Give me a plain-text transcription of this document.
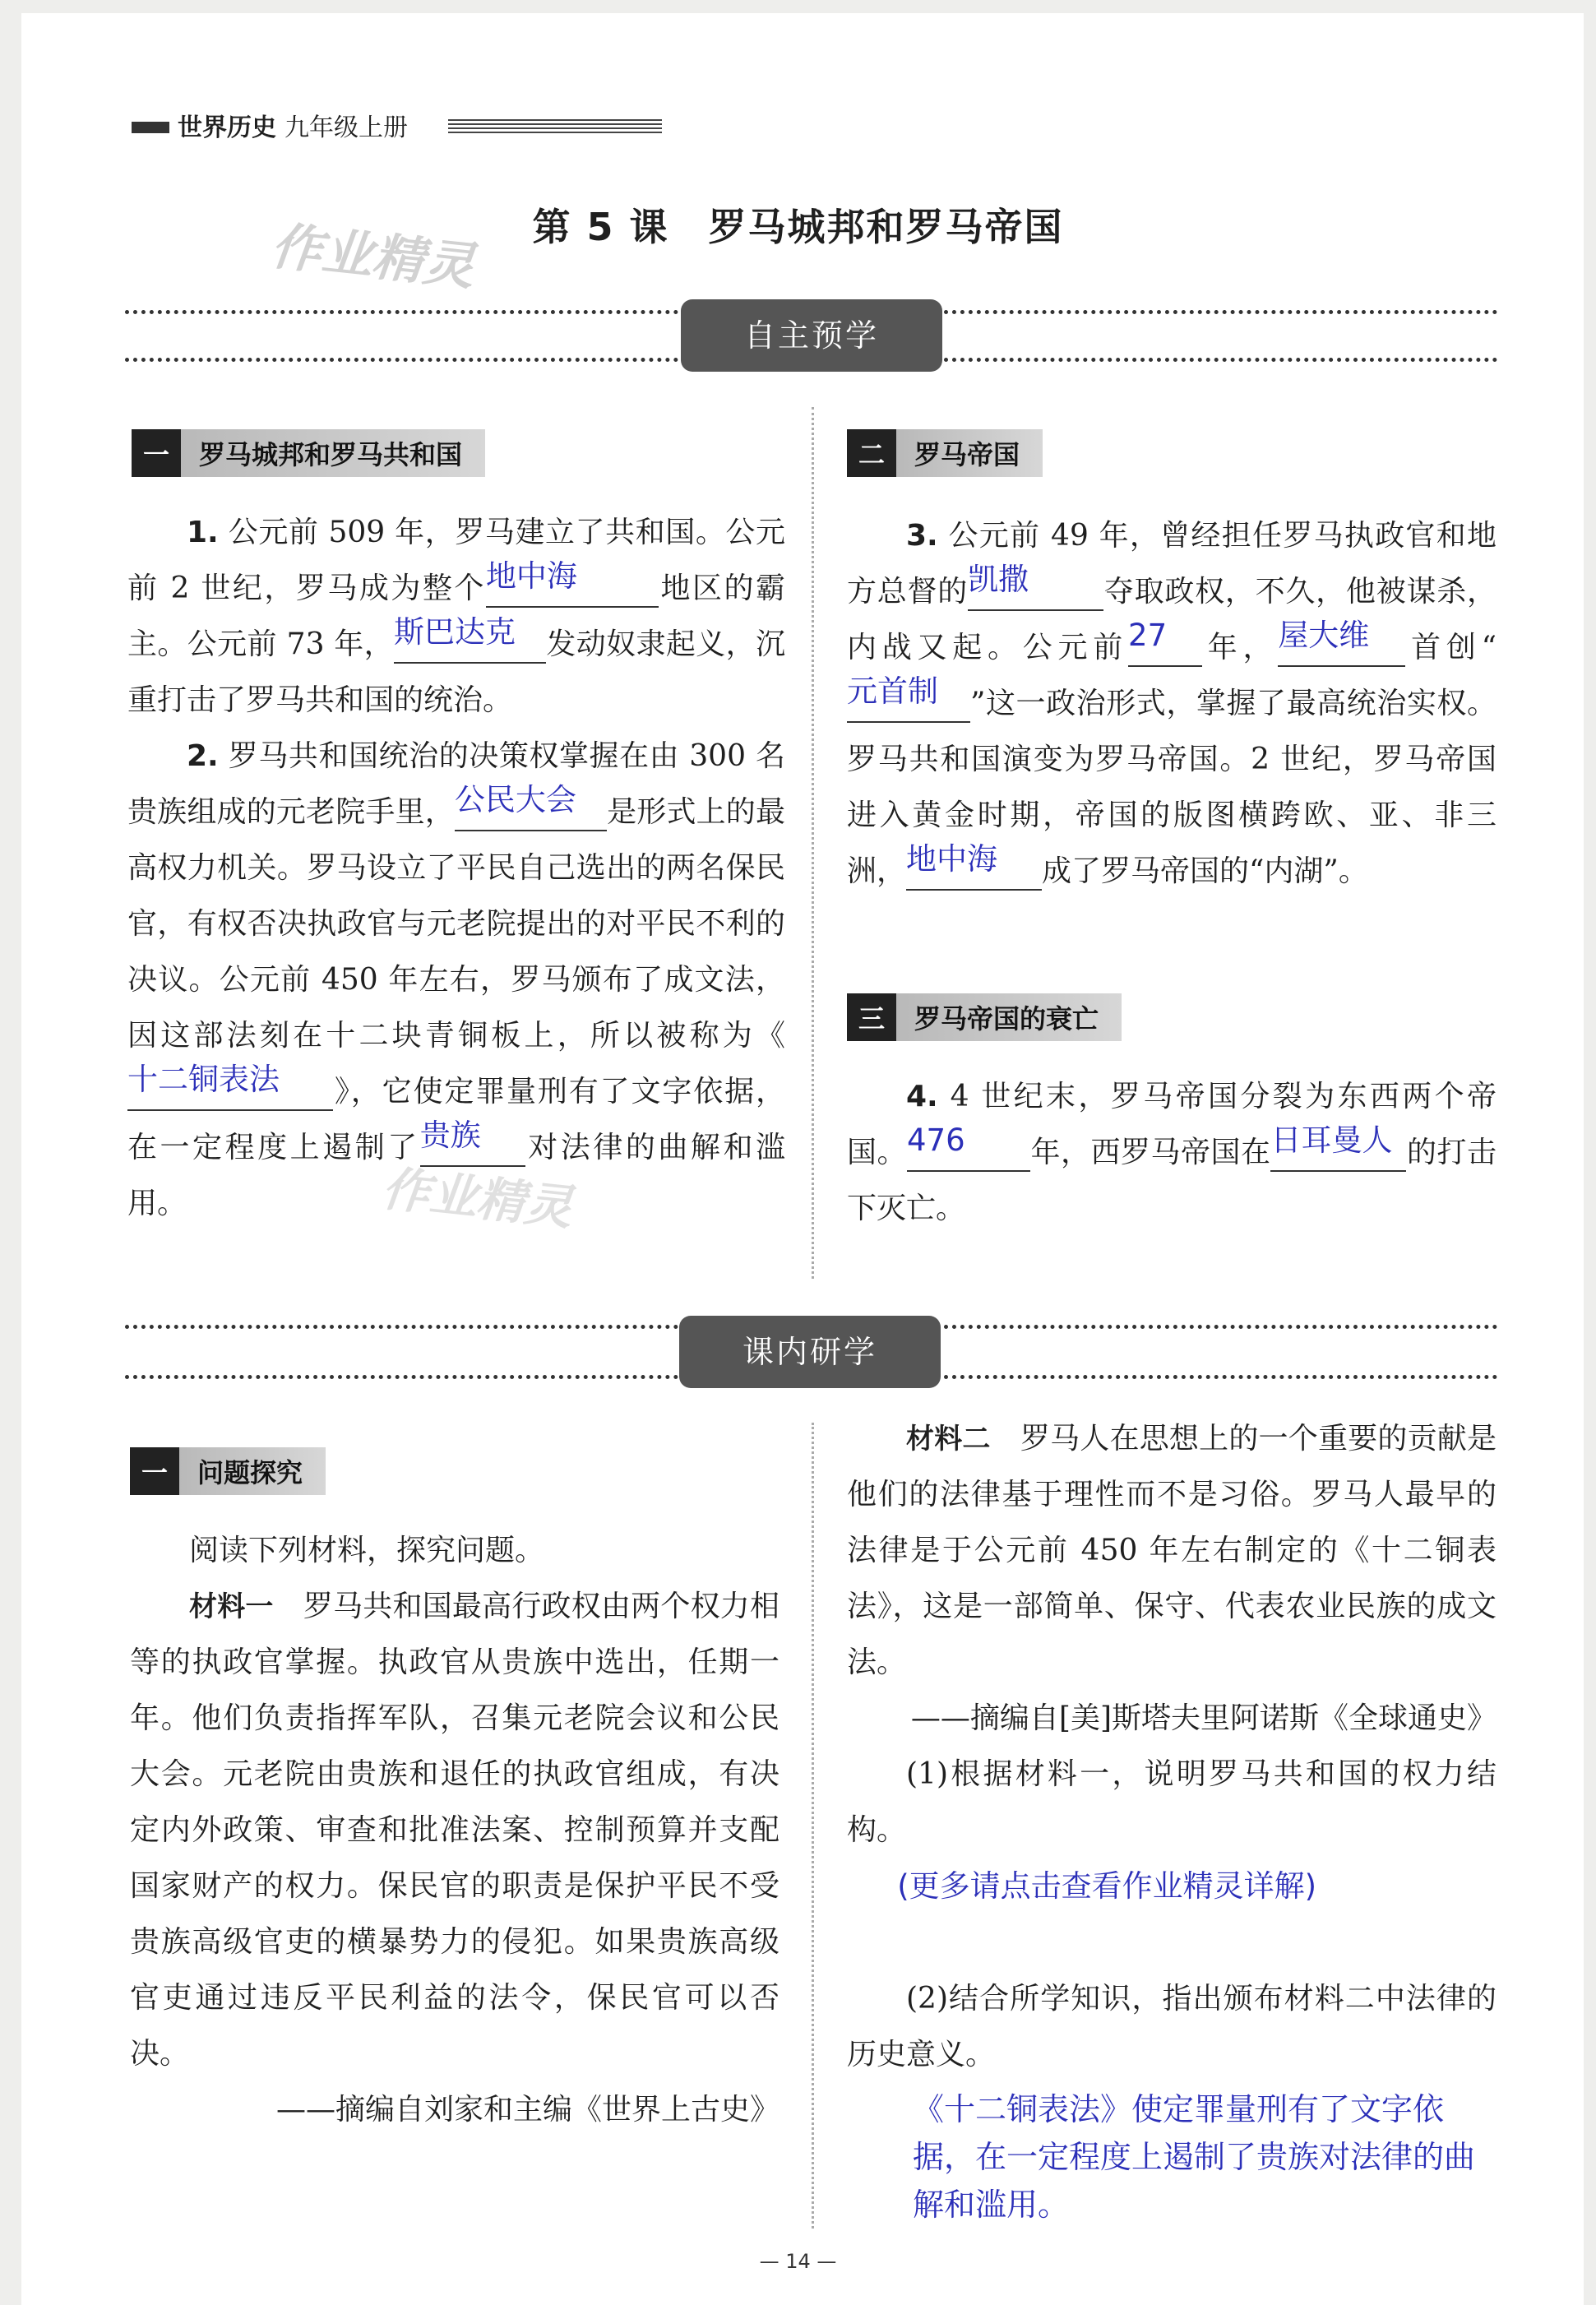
世界历史 九年级上册
作业精灵
作业精灵
第 5 课　罗马城邦和罗马帝国
自主预学
一	罗马城邦和罗马共和国

1. 公元前 509 年，罗马建立了共和国。公元前 2 世纪，罗马成为整个地中海	地区的霸主。公元前 73 年，斯巴达克 发动奴隶起义，沉重打击了罗马共和国的统治。

2. 罗马共和国统治的决策权掌握在由 300 名贵族组成的元老院手里，公民大会 是形式上的最高权力机关。罗马设立了平民自己选出的两名保民官，有权否决执政官与元老院提出的对平民不利的决议。公元前 450 年左右，罗马颁布了成文法，因这部法刻在十二块青铜板上，所以被称为《十二铜表法 》，它使定罪量刑有了文字依据，在一定程度上遏制了贵族 对法律的曲解和滥用。

二	罗马帝国

3. 公元前 49 年，曾经担任罗马执政官和地方总督的凯撒	夺取政权，不久，他被谋杀，内战又起。公元前27 年，屋大维 首创“元首制 ”这一政治形式，掌握了最高统治实权。罗马共和国演变为罗马帝国。2 世纪，罗马帝国进入黄金时期，帝国的版图横跨欧、亚、非三洲，地中海 成了罗马帝国的“内湖”。

三	罗马帝国的衰亡

4. 4 世纪末，罗马帝国分裂为东西两个帝国。476 年，西罗马帝国在日耳曼人 的打击下灭亡。

课内研学
一	问题探究

阅读下列材料，探究问题。

材料一　 罗马共和国最高行政权由两个权力相等的执政官掌握。执政官从贵族中选出，任期一年。他们负责指挥军队，召集元老院会议和公民大会。元老院由贵族和退任的执政官组成，有决定内外政策、审查和批准法案、控制预算并支配国家财产的权力。保民官的职责是保护平民不受贵族高级官吏的横暴势力的侵犯。如果贵族高级官吏通过违反平民利益的法令，保民官可以否决。

——摘编自刘家和主编《世界上古史》

材料二　 罗马人在思想上的一个重要的贡献是他们的法律基于理性而不是习俗。罗马人最早的法律是于公元前 450 年左右制定的《十二铜表法》，这是一部简单、保守、代表农业民族的成文法。

——摘编自[美]斯塔夫里阿诺斯《全球通史》

(1)根据材料一，说明罗马共和国的权力结构。

(更多请点击查看作业精灵详解)

(2)结合所学知识，指出颁布材料二中法律的历史意义。

《十二铜表法》使定罪量刑有了文字依据，在一定程度上遏制了贵族对法律的曲解和滥用。
— 14 —
